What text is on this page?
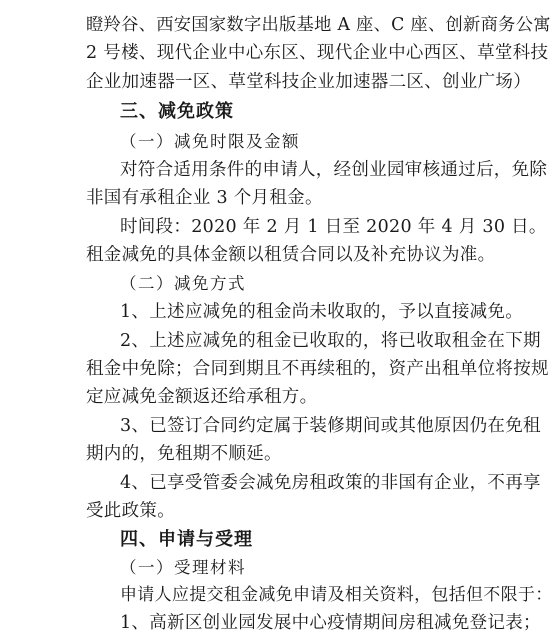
瞪羚谷、西安国家数字出版基地 A 座、C 座、创新商务公寓
2 号楼、现代企业中心东区、现代企业中心西区、草堂科技
企业加速器一区、草堂科技企业加速器二区、创业广场）
三、减免政策
（一）减免时限及金额
对符合适用条件的申请人，经创业园审核通过后，免除
非国有承租企业 3 个月租金。
时间段：2020 年 2 月 1 日至 2020 年 4 月 30 日。
租金减免的具体金额以租赁合同以及补充协议为准。
（二）减免方式
1、上述应减免的租金尚未收取的，予以直接减免。
2、上述应减免的租金已收取的，将已收取租金在下期
租金中免除；合同到期且不再续租的，资产出租单位将按规
定应减免金额返还给承租方。
3、已签订合同约定属于装修期间或其他原因仍在免租
期内的，免租期不顺延。
4、已享受管委会减免房租政策的非国有企业，不再享
受此政策。
四、申请与受理
（一）受理材料
申请人应提交租金减免申请及相关资料，包括但不限于：
1、高新区创业园发展中心疫情期间房租减免登记表；
